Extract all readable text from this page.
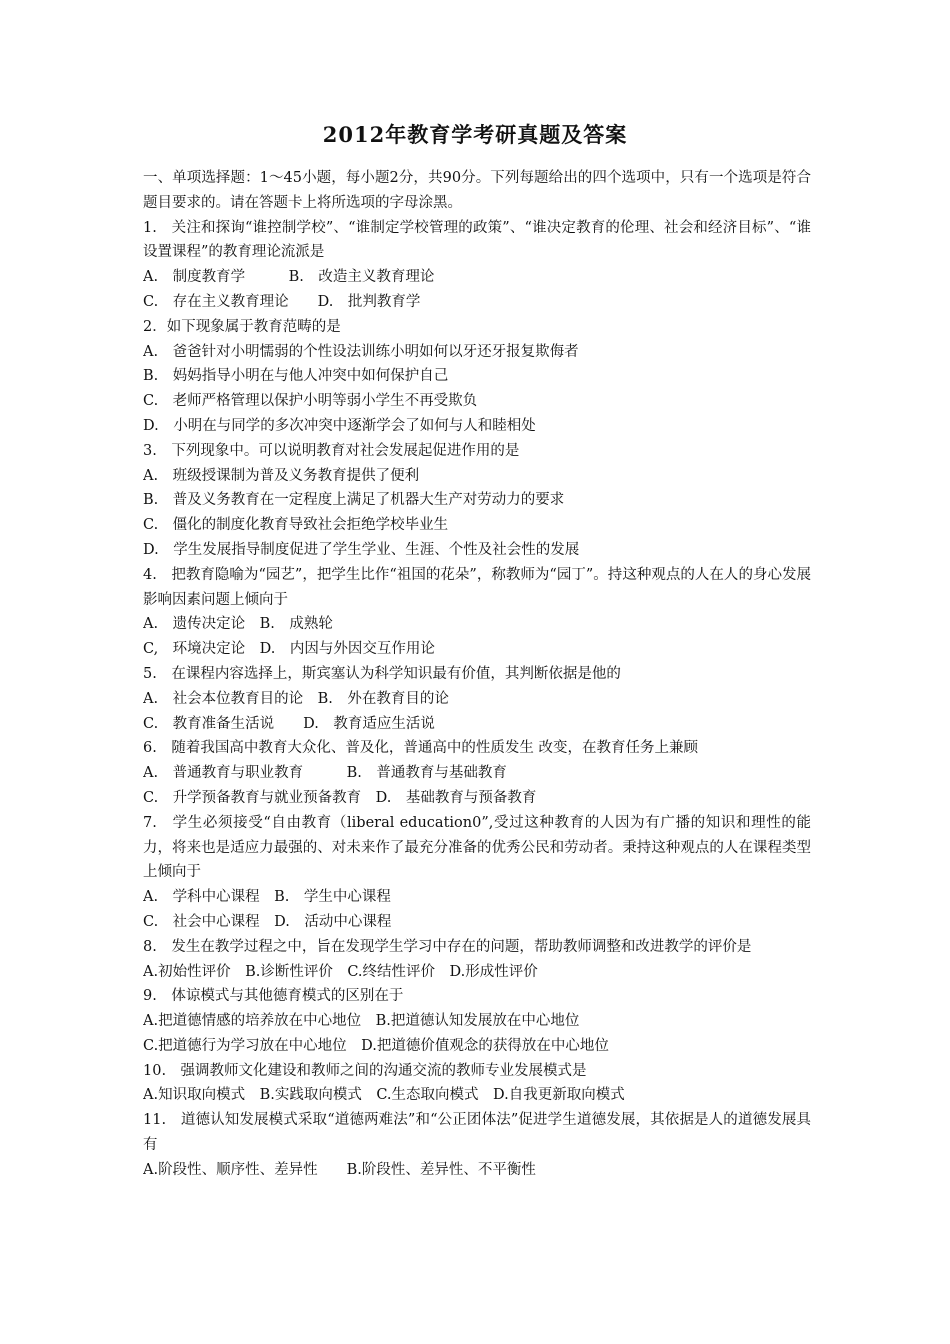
2012年教育学考研真题及答案
一、单项选择题：1～45小题，每小题2分，共90分。下列每题给出的四个选项中，只有一个选项是符合题目要求的。请在答题卡上将所选项的字母涂黑。
1.　关注和探询“谁控制学校”、“谁制定学校管理的政策”、“谁决定教育的伦理、社会和经济目标”、“谁设置课程”的教育理论流派是
A.　制度教育学　　　B.　改造主义教育理论
C.　存在主义教育理论　　D.　批判教育学
2．如下现象属于教育范畴的是
A.　爸爸针对小明懦弱的个性设法训练小明如何以牙还牙报复欺侮者
B.　妈妈指导小明在与他人冲突中如何保护自己
C.　老师严格管理以保护小明等弱小学生不再受欺负
D.　小明在与同学的多次冲突中逐渐学会了如何与人和睦相处
3.　下列现象中。可以说明教育对社会发展起促进作用的是
A.　班级授课制为普及义务教育提供了便利
B.　普及义务教育在一定程度上满足了机器大生产对劳动力的要求
C.　僵化的制度化教育导致社会拒绝学校毕业生
D.　学生发展指导制度促进了学生学业、生涯、个性及社会性的发展
4.　把教育隐喻为“园艺”，把学生比作“祖国的花朵”，称教师为“园丁”。持这种观点的人在人的身心发展影响因素问题上倾向于
A.　遗传决定论　B.　成熟轮
C,　环境决定论　D.　内因与外因交互作用论
5.　在课程内容选择上，斯宾塞认为科学知识最有价值，其判断依据是他的
A.　社会本位教育目的论　B.　外在教育目的论
C.　教育准备生活说　　D.　教育适应生活说
6.　随着我国高中教育大众化、普及化，普通高中的性质发生 改变，在教育任务上兼顾
A.　普通教育与职业教育　　　B.　普通教育与基础教育
C.　升学预备教育与就业预备教育　D.　基础教育与预备教育
7.　学生必须接受“自由教育（liberal education0”,受过这种教育的人因为有广播的知识和理性的能力，将来也是适应力最强的、对未来作了最充分准备的优秀公民和劳动者。秉持这种观点的人在课程类型上倾向于
A.　学科中心课程　B.　学生中心课程
C.　社会中心课程　D.　活动中心课程
8.　发生在教学过程之中，旨在发现学生学习中存在的问题，帮助教师调整和改进教学的评价是
A.初始性评价　B.诊断性评价　C.终结性评价　D.形成性评价
9.　体谅模式与其他德育模式的区别在于
A.把道德情感的培养放在中心地位　B.把道德认知发展放在中心地位
C.把道德行为学习放在中心地位　D.把道德价值观念的获得放在中心地位
10.　强调教师文化建设和教师之间的沟通交流的教师专业发展模式是
A.知识取向模式　B.实践取向模式　C.生态取向模式　D.自我更新取向模式
11.　道德认知发展模式采取“道德两难法”和“公正团体法”促进学生道德发展，其依据是人的道德发展具有
A.阶段性、顺序性、差异性　　B.阶段性、差异性、不平衡性
